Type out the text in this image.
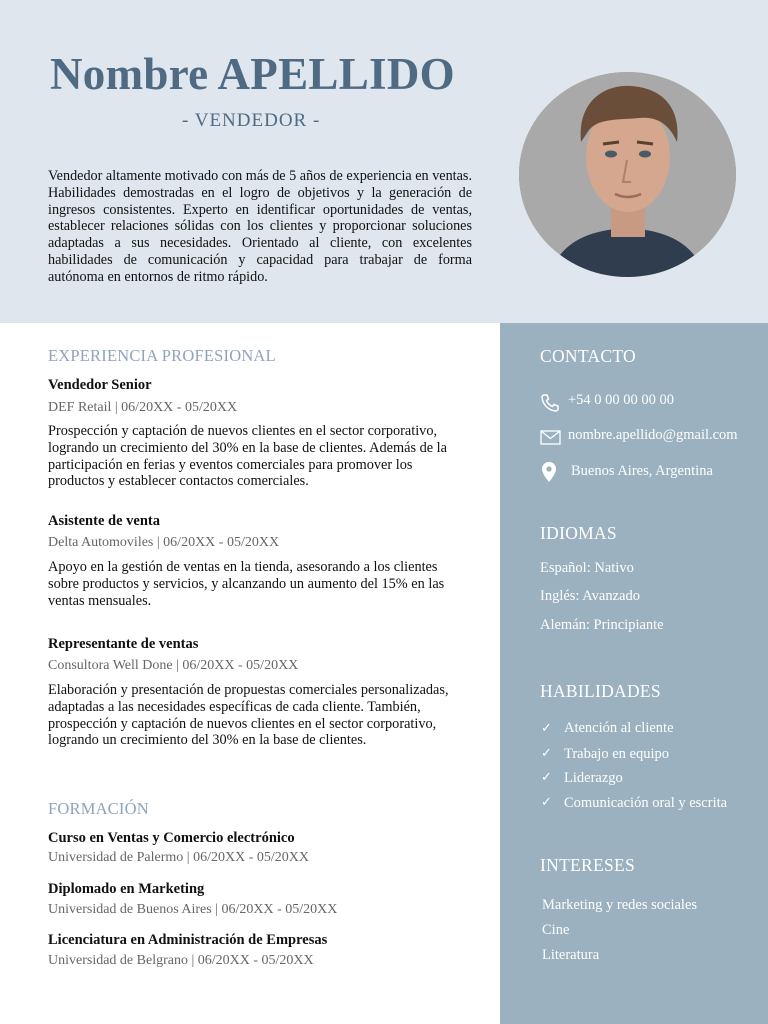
Nombre APELLIDO
- VENDEDOR -
Vendedor altamente motivado con más de 5 años de experiencia en ventas. Habilidades demostradas en el logro de objetivos y la generación de ingresos consistentes. Experto en identificar oportunidades de ventas, establecer relaciones sólidas con los clientes y proporcionar soluciones adaptadas a sus necesidades. Orientado al cliente, con excelentes habilidades de comunicación y capacidad para trabajar de forma autónoma en entornos de ritmo rápido.
EXPERIENCIA PROFESIONAL
Vendedor Senior
DEF Retail | 06/20XX - 05/20XX
Prospección y captación de nuevos clientes en el sector corporativo, logrando un crecimiento del 30% en la base de clientes. Además de la participación en ferias y eventos comerciales para promover los productos y establecer contactos comerciales.
Asistente de venta
Delta Automoviles | 06/20XX - 05/20XX
Apoyo en la gestión de ventas en la tienda, asesorando a los clientes sobre productos y servicios, y alcanzando un aumento del 15% en las ventas mensuales.
Representante de ventas
Consultora Well Done | 06/20XX - 05/20XX
Elaboración y presentación de propuestas comerciales personalizadas, adaptadas a las necesidades específicas de cada cliente. También, prospección y captación de nuevos clientes en el sector corporativo, logrando un crecimiento del 30% en la base de clientes.
FORMACIÓN
Curso en Ventas y Comercio electrónico
Universidad de Palermo | 06/20XX - 05/20XX
Diplomado en Marketing
Universidad de Buenos Aires | 06/20XX - 05/20XX
Licenciatura en Administración de Empresas
Universidad de Belgrano | 06/20XX - 05/20XX
CONTACTO
+54 0 00 00 00 00
nombre.apellido@gmail.com
Buenos Aires, Argentina
IDIOMAS
Español: Nativo
Inglés: Avanzado
Alemán: Principiante
HABILIDADES
✓ Atención al cliente
✓ Trabajo en equipo
✓ Liderazgo
✓ Comunicación oral y escrita
INTERESES
Marketing y redes sociales
Cine
Literatura
